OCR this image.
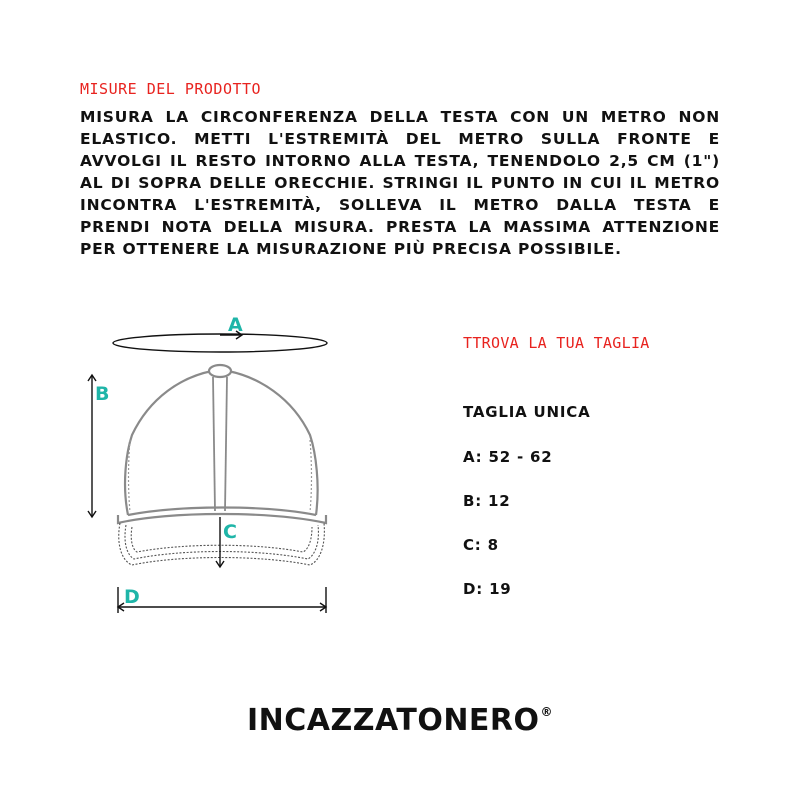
MISURE DEL PRODOTTO

MISURA LA CIRCONFERENZA DELLA TESTA CON UN METRO NON ELASTICO. METTI L'ESTREMITÀ DEL METRO SULLA FRONTE E AVVOLGI IL RESTO INTORNO ALLA TESTA, TENENDOLO 2,5 CM (1") AL DI SOPRA DELLE ORECCHIE. STRINGI IL PUNTO IN CUI IL METRO INCONTRA L'ESTREMITÀ, SOLLEVA IL METRO DALLA TESTA E PRENDI NOTA DELLA MISURA. PRESTA LA MASSIMA ATTENZIONE PER OTTENERE LA MISURAZIONE PIÙ PRECISA POSSIBILE.

A
B
C
D
TTROVA LA TUA TAGLIA
TAGLIA UNICA
A: 52 - 62
B: 12
C: 8
D: 19
INCAZZATONERO®
